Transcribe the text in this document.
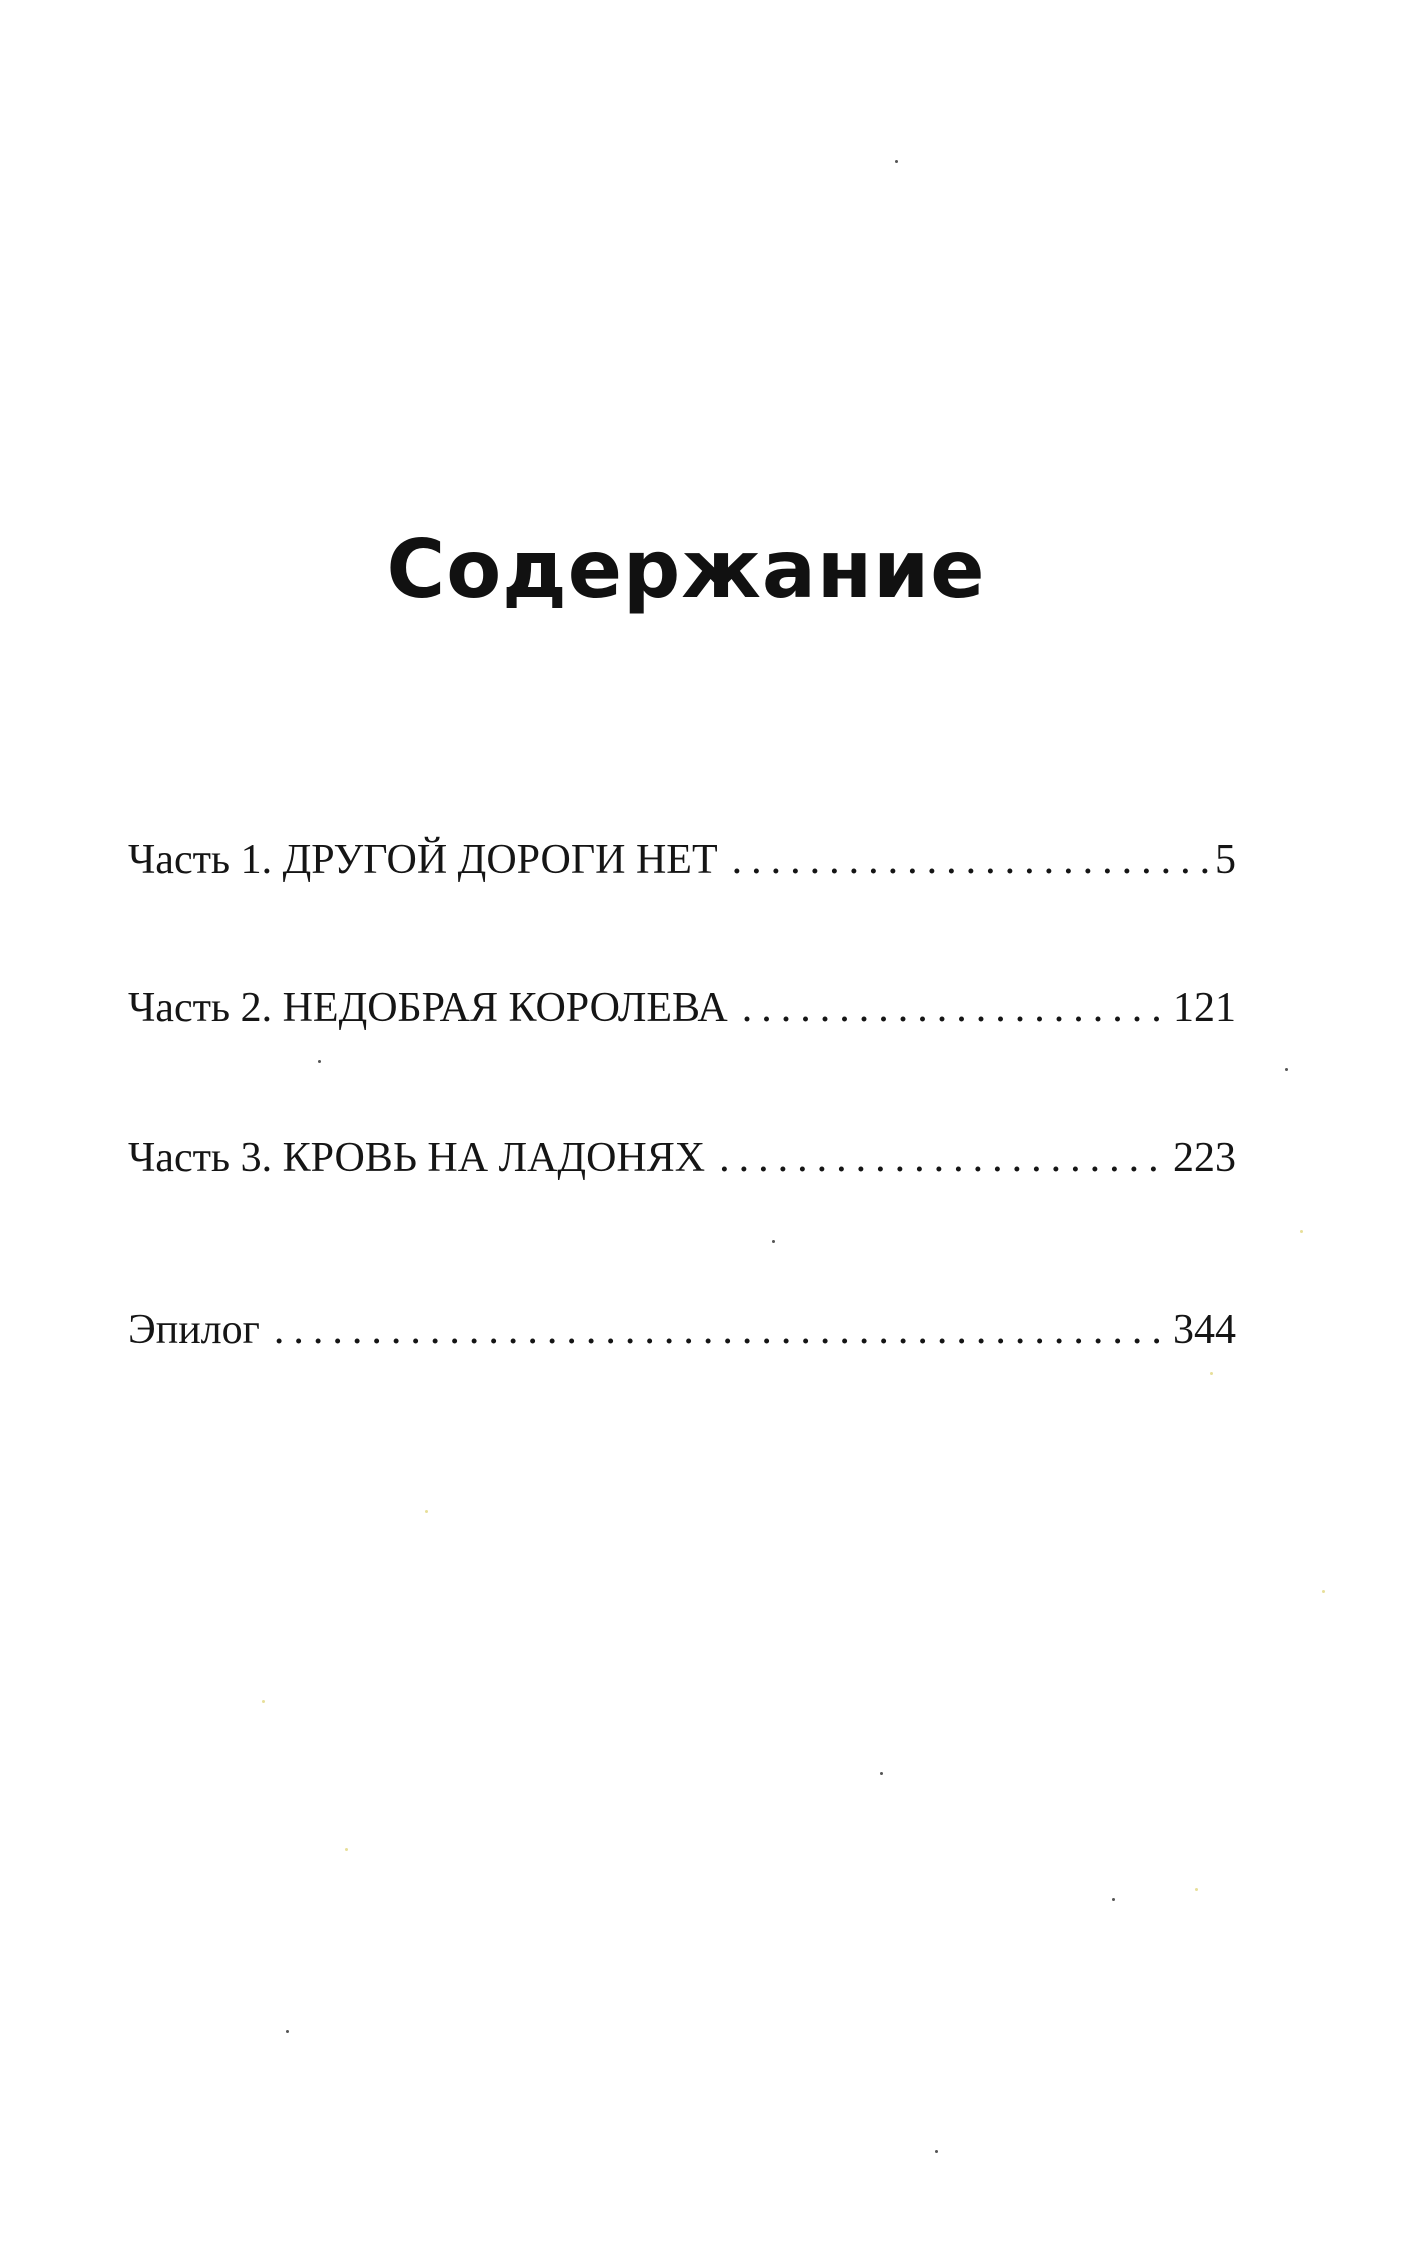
Содержание
Часть 1. ДРУГОЙ ДОРОГИ НЕТ .....	5
Часть 2. НЕДОБРАЯ КОРОЛЕВА .....	121
Часть 3. КРОВЬ НА ЛАДОНЯХ .....	223
Эпилог .....	344
